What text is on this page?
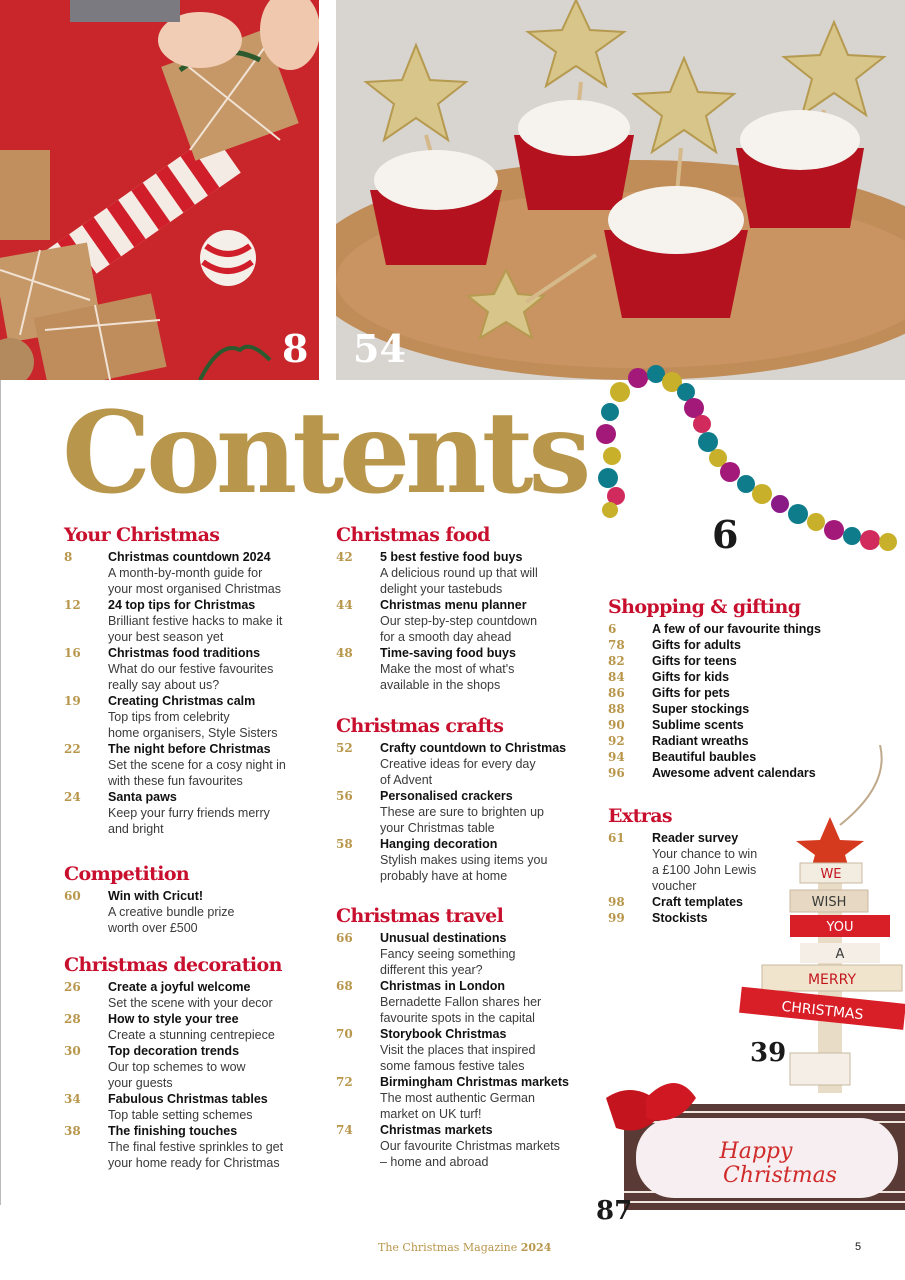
8 54
6
WE
WISH
YOU
A
MERRY
CHRISTMAS
39
Happy
Christmas
87
Contents
Your Christmas
8	Christmas countdown 2024
A month-by-month guide for
your most organised Christmas
12	24 top tips for Christmas
Brilliant festive hacks to make it
your best season yet
16	Christmas food traditions
What do our festive favourites
really say about us?
19	Creating Christmas calm
Top tips from celebrity
home organisers, Style Sisters
22	The night before Christmas
Set the scene for a cosy night in
with these fun favourites
24	Santa paws
Keep your furry friends merry
and bright
Competition
60	Win with Cricut!
A creative bundle prize
worth over £500
Christmas decoration
26	Create a joyful welcome
Set the scene with your decor
28	How to style your tree
Create a stunning centrepiece
30	Top decoration trends
Our top schemes to wow
your guests
34	Fabulous Christmas tables
Top table setting schemes
38	The finishing touches
The final festive sprinkles to get
your home ready for Christmas
Christmas food
42	5 best festive food buys
A delicious round up that will
delight your tastebuds
44	Christmas menu planner
Our step-by-step countdown
for a smooth day ahead
48	Time-saving food buys
Make the most of what's
available in the shops
Christmas crafts
52	Crafty countdown to Christmas
Creative ideas for every day
of Advent
56	Personalised crackers
These are sure to brighten up
your Christmas table
58	Hanging decoration
Stylish makes using items you
probably have at home
Christmas travel
66	Unusual destinations
Fancy seeing something
different this year?
68	Christmas in London
Bernadette Fallon shares her
favourite spots in the capital
70	Storybook Christmas
Visit the places that inspired
some famous festive tales
72	Birmingham Christmas markets
The most authentic German
market on UK turf!
74	Christmas markets
Our favourite Christmas markets
– home and abroad
Shopping & gifting
6	A few of our favourite things
78	Gifts for adults
82	Gifts for teens
84	Gifts for kids
86	Gifts for pets
88	Super stockings
90	Sublime scents
92	Radiant wreaths
94	Beautiful baubles
96	Awesome advent calendars
Extras
61	Reader survey
Your chance to win
a £100 John Lewis
voucher
98	Craft templates
99	Stockists
The Christmas Magazine 2024	5
